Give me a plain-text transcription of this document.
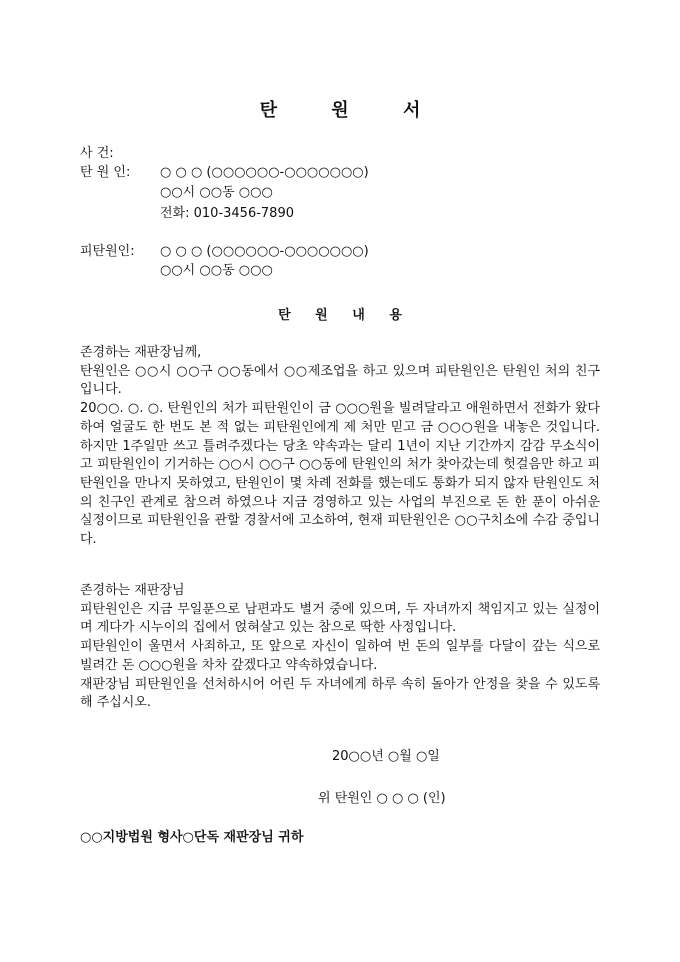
탄 원 서
사 건:
탄 원 인: ○ ○ ○ (○○○○○○-○○○○○○○)
○○시 ○○동 ○○○
전화: 010-3456-7890
피탄원인: ○ ○ ○ (○○○○○○-○○○○○○○)
○○시 ○○동 ○○○
탄 원 내 용

존경하는 재판장님께,

탄원인은 ○○시 ○○구 ○○동에서 ○○제조업을 하고 있으며 피탄원인은 탄원인 처의 친구입니다.

20○○. ○. ○. 탄원인의 처가 피탄원인이 금 ○○○원을 빌려달라고 애원하면서 전화가 왔다 하여 얼굴도 한 번도 본 적 없는 피탄원인에게 제 처만 믿고 금 ○○○원을 내놓은 것입니다. 하지만 1주일만 쓰고 틀려주겠다는 당초 약속과는 달리 1년이 지난 기간까지 감감 무소식이고 피탄원인이 기거하는 ○○시 ○○구 ○○동에 탄원인의 처가 찾아갔는데 헛걸음만 하고 피탄원인을 만나지 못하였고, 탄원인이 몇 차례 전화를 했는데도 통화가 되지 않자 탄원인도 처의 친구인 관계로 참으려 하였으나 지금 경영하고 있는 사업의 부진으로 돈 한 푼이 아쉬운 실정이므로 피탄원인을 관할 경찰서에 고소하여, 현재 피탄원인은 ○○구치소에 수감 중입니다.

존경하는 재판장님

피탄원인은 지금 무일푼으로 남편과도 별거 중에 있으며, 두 자녀까지 책임지고 있는 실정이며 게다가 시누이의 집에서 얹혀살고 있는 참으로 딱한 사정입니다.

피탄원인이 울면서 사죄하고, 또 앞으로 자신이 일하여 번 돈의 일부를 다달이 갚는 식으로 빌려간 돈 ○○○원을 차차 갚겠다고 약속하였습니다.

재판장님 피탄원인을 선처하시어 어린 두 자녀에게 하루 속히 돌아가 안정을 찾을 수 있도록 해 주십시오.

20○○년 ○월 ○일
위 탄원인 ○ ○ ○ (인)
○○지방법원 형사○단독 재판장님 귀하
